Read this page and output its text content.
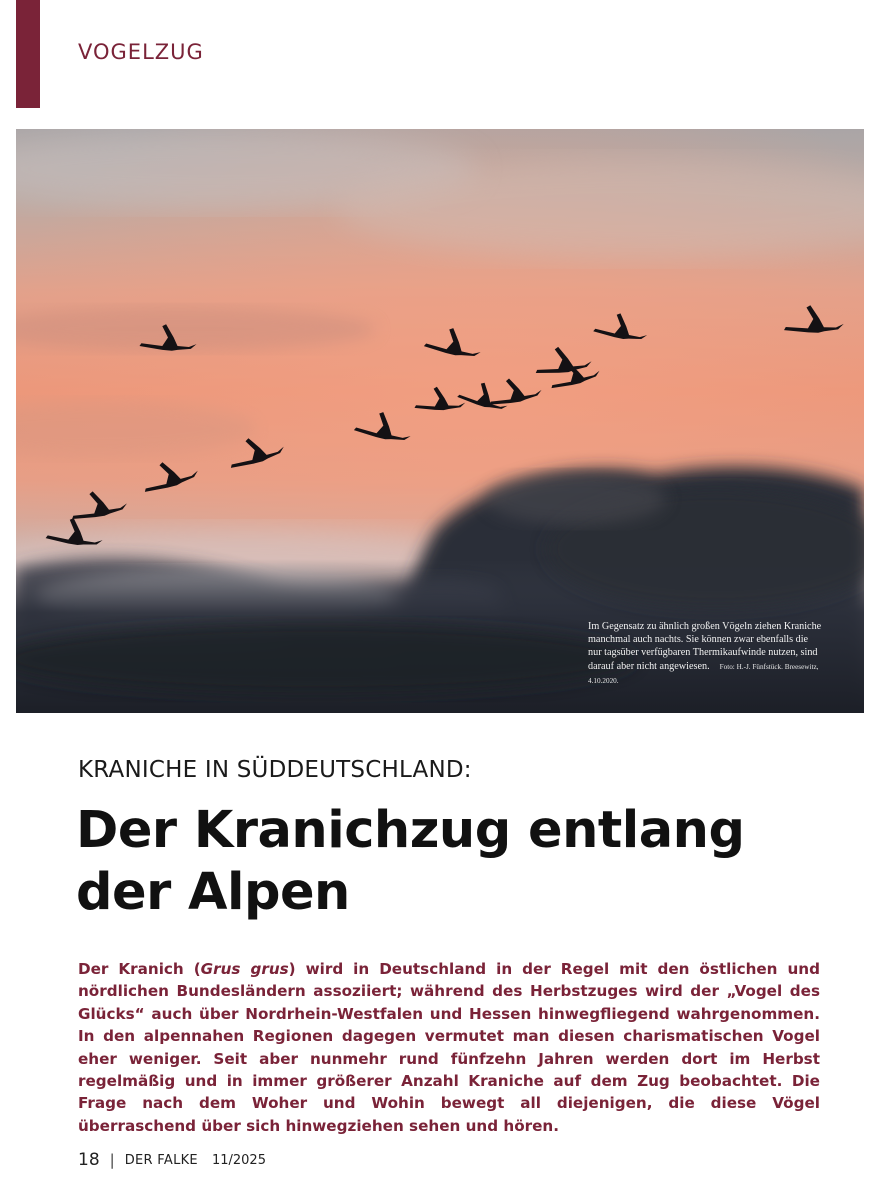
VOGELZUG
Im Gegensatz zu ähnlich großen Vögeln ziehen Kraniche manchmal auch nachts. Sie können zwar ebenfalls die nur tagsüber verfügbaren Thermikaufwinde nutzen, sind darauf aber nicht angewiesen. Foto: H.-J. Fünfstück. Breesewitz, 4.10.2020.
KRANICHE IN SÜDDEUTSCHLAND:
Der Kranichzug entlang
der Alpen
Der Kranich (Grus grus) wird in Deutschland in der Regel mit den östlichen und nördlichen Bundesländern assoziiert; während des Herbstzuges wird der „Vogel des Glücks“ auch über Nordrhein-Westfalen und Hessen hinwegfliegend wahrgenommen. In den alpennahen Regionen dagegen vermutet man diesen charismatischen Vogel eher weniger. Seit aber nunmehr rund fünfzehn Jahren werden dort im Herbst regelmäßig und in immer größerer Anzahl Kraniche auf dem Zug beobachtet. Die Frage nach dem Woher und Wohin bewegt all diejenigen, die diese Vögel überraschend über sich hinwegziehen sehen und hören.
18 | DER FALKE 11/2025
